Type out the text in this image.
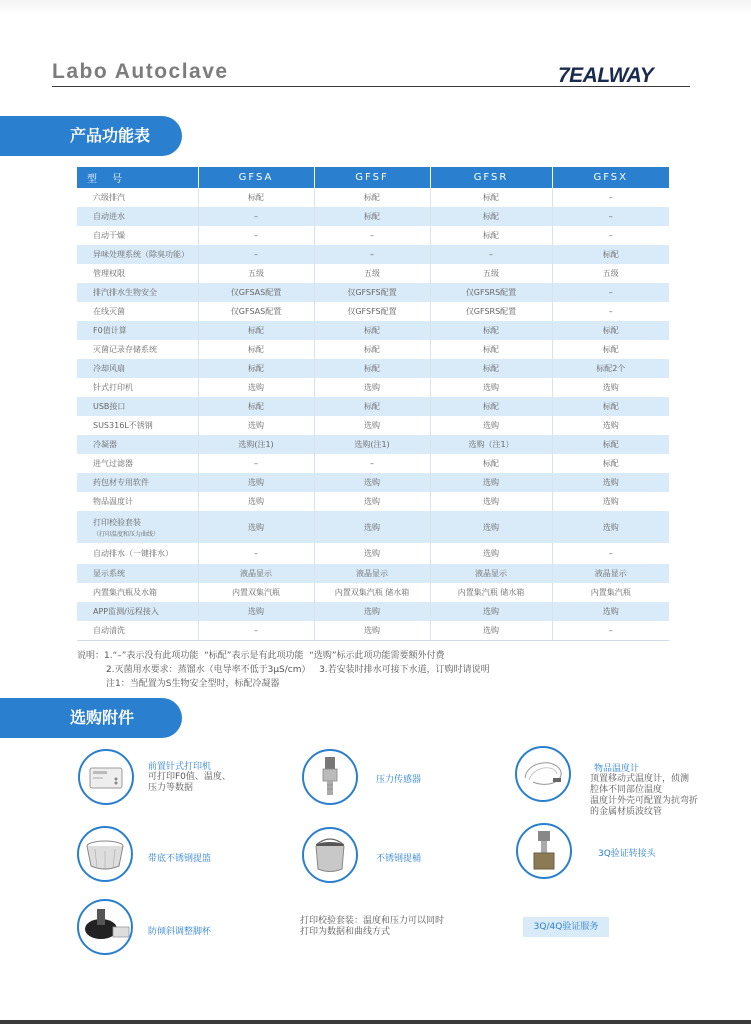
Labo Autoclave	7EALWAY
产品功能表
型 号	GFSA	GFSF	GFSR	GFSX
六级排汽	标配	标配	标配	–
自动进水	–	标配	标配	–
自动干燥	–	–	标配	–
异味处理系统（除臭功能）	–	–	–	标配
管理权限	五级	五级	五级	五级
排汽排水生物安全	仅GFSAS配置	仅GFSFS配置	仅GFSRS配置	–
在线灭菌	仅GFSAS配置	仅GFSFS配置	仅GFSRS配置	–
F0值计算	标配	标配	标配	标配
灭菌记录存储系统	标配	标配	标配	标配
冷却风扇	标配	标配	标配	标配2个
针式打印机	选购	选购	选购	选购
USB接口	标配	标配	标配	标配
SUS316L不锈钢	选购	选购	选购	选购
冷凝器	选购(注1)	选购(注1)	选购（注1）	标配
进气过滤器	–	–	标配	标配
药包材专用软件	选购	选购	选购	选购
物品温度计	选购	选购	选购	选购
打印校验套装
（打印温度和压力曲线）	选购	选购	选购	选购
自动排水（一键排水）	–	选购	选购	–
显示系统	液晶显示	液晶显示	液晶显示	液晶显示
内置集汽瓶及水箱	内置双集汽瓶	内置双集汽瓶 储水箱	内置集汽瓶 储水箱	内置集汽瓶
APP监测/远程接入	选购	选购	选购	选购
自动清洗	–	选购	选购	–
说明：1.“–”表示没有此项功能  “标配”表示是有此项功能  “选购”标示此项功能需要额外付费
2.灭菌用水要求：蒸馏水（电导率不低于3μS/cm）   3.若安装时排水可接下水道，订购时请说明
注1：当配置为S生物安全型时，标配冷凝器
选购附件
前置针式打印机
可打印F0值、温度、
压力等数据
压力传感器
物品温度计
顶置移动式温度计，侦测
腔体不同部位温度
温度计外壳可配置为抗弯折
的金属材质波纹管
带底不锈钢提篮	不锈钢提桶	3Q验证转接头
防倾斜调整脚杯
打印校验套装：温度和压力可以同时
打印为数据和曲线方式	3Q/4Q验证服务
